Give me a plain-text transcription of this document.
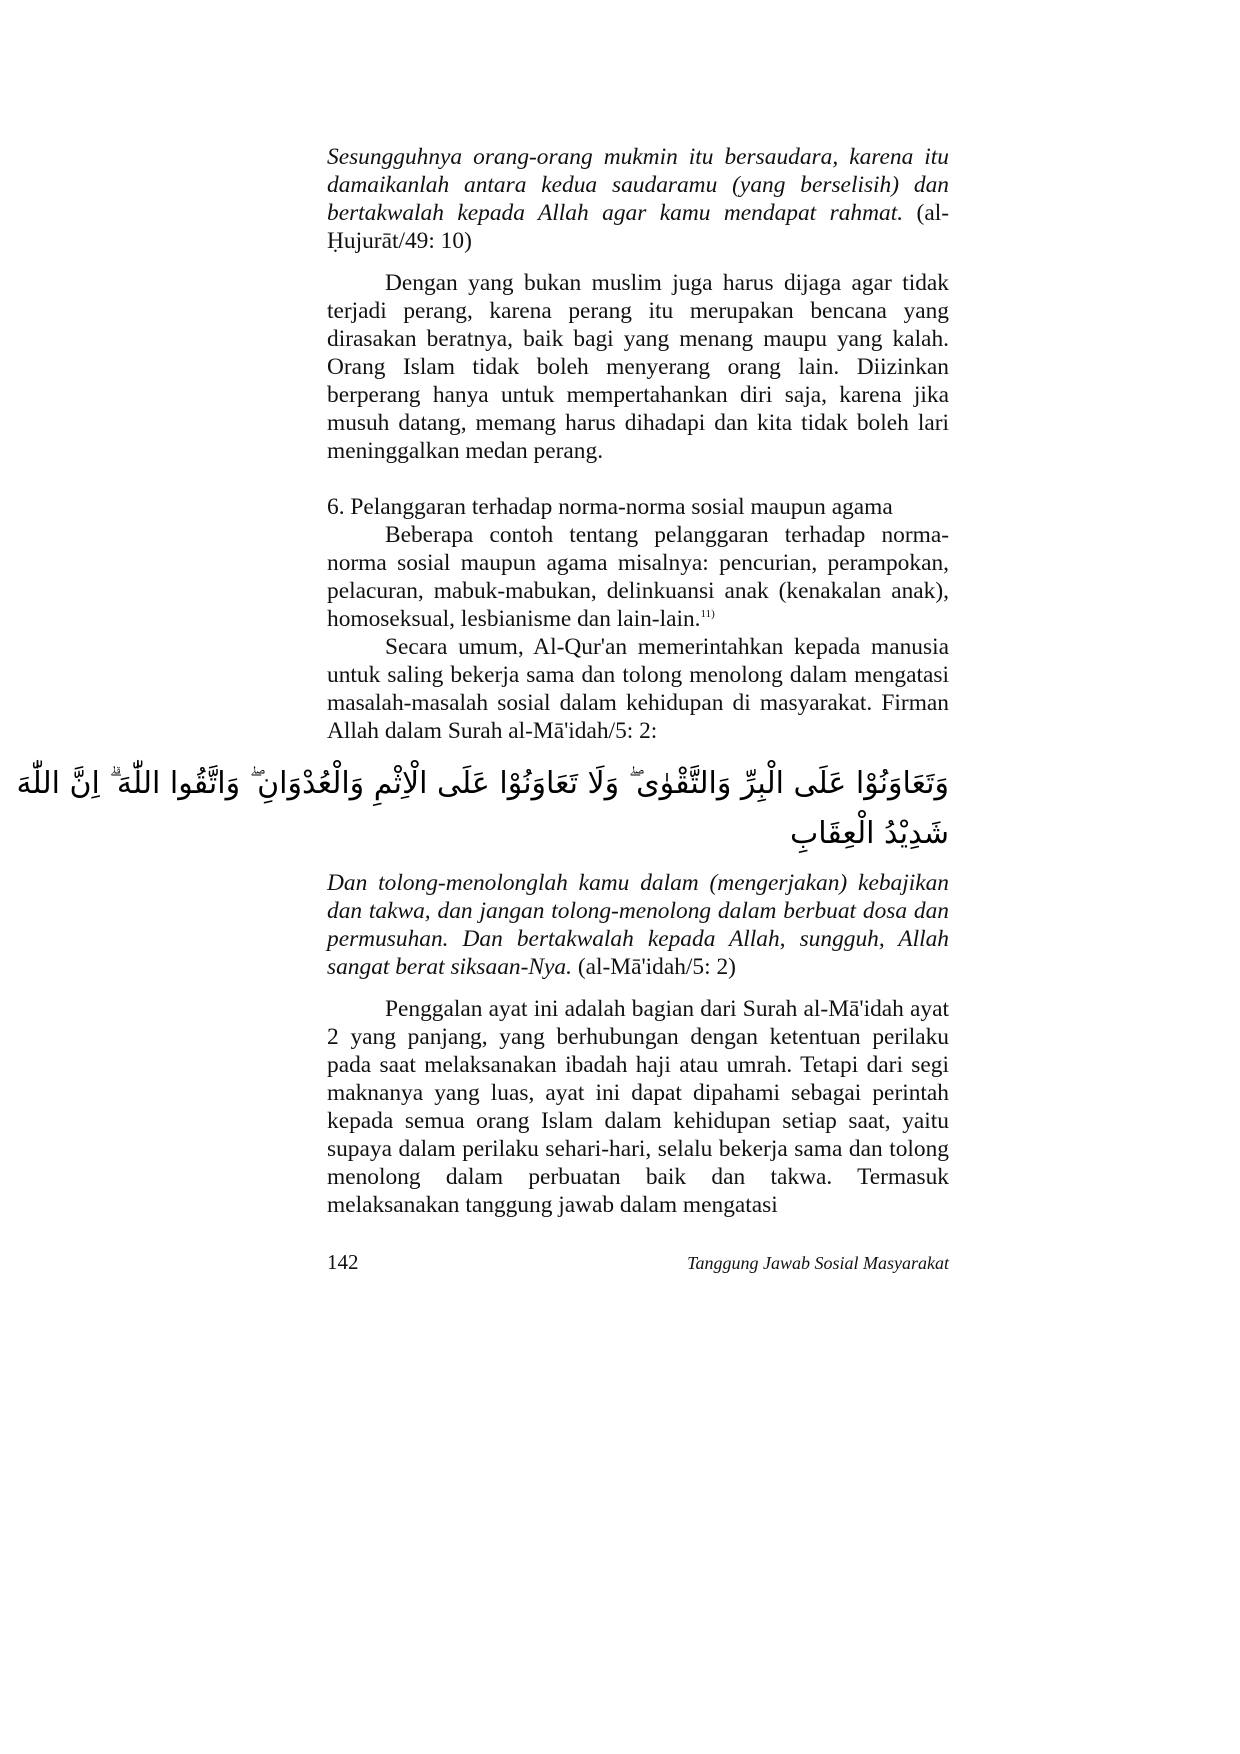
Sesungguhnya orang-orang mukmin itu bersaudara, karena itu damaikanlah antara kedua saudaramu (yang berselisih) dan bertakwalah kepada Allah agar kamu mendapat rahmat. (al-Ḥujurāt/49: 10)

Dengan yang bukan muslim juga harus dijaga agar tidak terjadi perang, karena perang itu merupakan bencana yang dirasakan beratnya, baik bagi yang menang maupu yang kalah. Orang Islam tidak boleh menyerang orang lain. Diizinkan berperang hanya untuk mempertahankan diri saja, karena jika musuh datang, memang harus dihadapi dan kita tidak boleh lari meninggalkan medan perang.

6. Pelanggaran terhadap norma-norma sosial maupun agama

Beberapa contoh tentang pelanggaran terhadap norma-norma sosial maupun agama misalnya: pencurian, perampokan, pelacuran, mabuk-mabukan, delinkuansi anak (kenakalan anak), homoseksual, lesbianisme dan lain-lain.$^{11)}$

Secara umum, Al-Qur'an memerintahkan kepada manusia untuk saling bekerja sama dan tolong menolong dalam mengatasi masalah-masalah sosial dalam kehidupan di masyarakat. Firman Allah dalam Surah al-Mā'idah/5: 2:

وَتَعَاوَنُوْا عَلَى الْبِرِّ وَالتَّقْوٰى ۖ وَلَا تَعَاوَنُوْا عَلَى الْاِثْمِ وَالْعُدْوَانِ ۖ وَاتَّقُوا اللّٰهَ ۗ اِنَّ اللّٰهَ
شَدِيْدُ الْعِقَابِ

Dan tolong-menolonglah kamu dalam (mengerjakan) kebajikan dan takwa, dan jangan tolong-menolong dalam berbuat dosa dan permusuhan. Dan bertakwalah kepada Allah, sungguh, Allah sangat berat siksaan-Nya. (al-Mā'idah/5: 2)

Penggalan ayat ini adalah bagian dari Surah al-Mā'idah ayat 2 yang panjang, yang berhubungan dengan ketentuan perilaku pada saat melaksanakan ibadah haji atau umrah. Tetapi dari segi maknanya yang luas, ayat ini dapat dipahami sebagai perintah kepada semua orang Islam dalam kehidupan setiap saat, yaitu supaya dalam perilaku sehari-hari, selalu bekerja sama dan tolong menolong dalam perbuatan baik dan takwa. Termasuk melaksanakan tanggung jawab dalam mengatasi

142	Tanggung Jawab Sosial Masyarakat
